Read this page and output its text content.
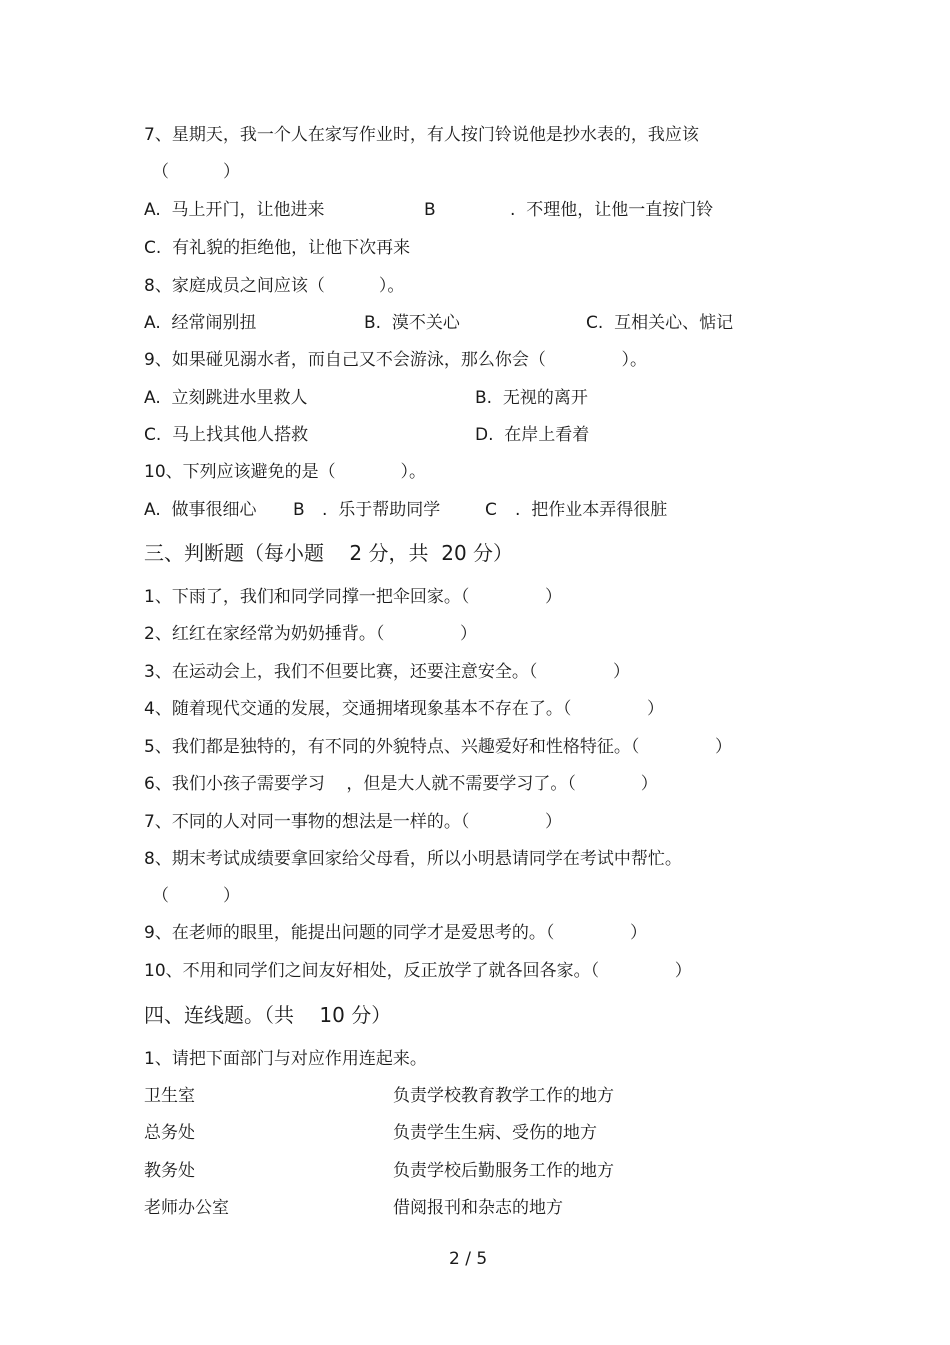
7、星期天，我一个人在家写作业时，有人按门铃说他是抄水表的，我应该
（          ）
A.  马上开门，让他进来	B	.  不理他，让他一直按门铃
C.  有礼貌的拒绝他，让他下次再来
8、家庭成员之间应该（          ）。
A.  经常闹别扭	B.  漠不关心	C.  互相关心、惦记
9、如果碰见溺水者，而自己又不会游泳，那么你会（              ）。
A.  立刻跳进水里救人	B.  无视的离开
C.  马上找其他人搭救	D.  在岸上看着
10、下列应该避免的是（            ）。
A.  做事很细心 B .  乐于帮助同学	C .  把作业本弄得很脏
三、判断题（每小题    2 分，共  20 分）
1、下雨了，我们和同学同撑一把伞回家。（              ）
2、红红在家经常为奶奶捶背。（              ）
3、在运动会上，我们不但要比赛，还要注意安全。（              ）
4、随着现代交通的发展，交通拥堵现象基本不存在了。（              ）
5、我们都是独特的，有不同的外貌特点、兴趣爱好和性格特征。（              ）
6、我们小孩子需要学习    ，但是大人就不需要学习了。（            ）
7、不同的人对同一事物的想法是一样的。（              ）
8、期末考试成绩要拿回家给父母看，所以小明悬请同学在考试中帮忙。
（          ）
9、在老师的眼里，能提出问题的同学才是爱思考的。（              ）
10、不用和同学们之间友好相处，反正放学了就各回各家。（              ）
四、连线题。（共    10 分）
1、请把下面部门与对应作用连起来。
卫生室	负责学校教育教学工作的地方
总务处	负责学生生病、受伤的地方
教务处	负责学校后勤服务工作的地方
老师办公室	借阅报刊和杂志的地方
2 / 5
